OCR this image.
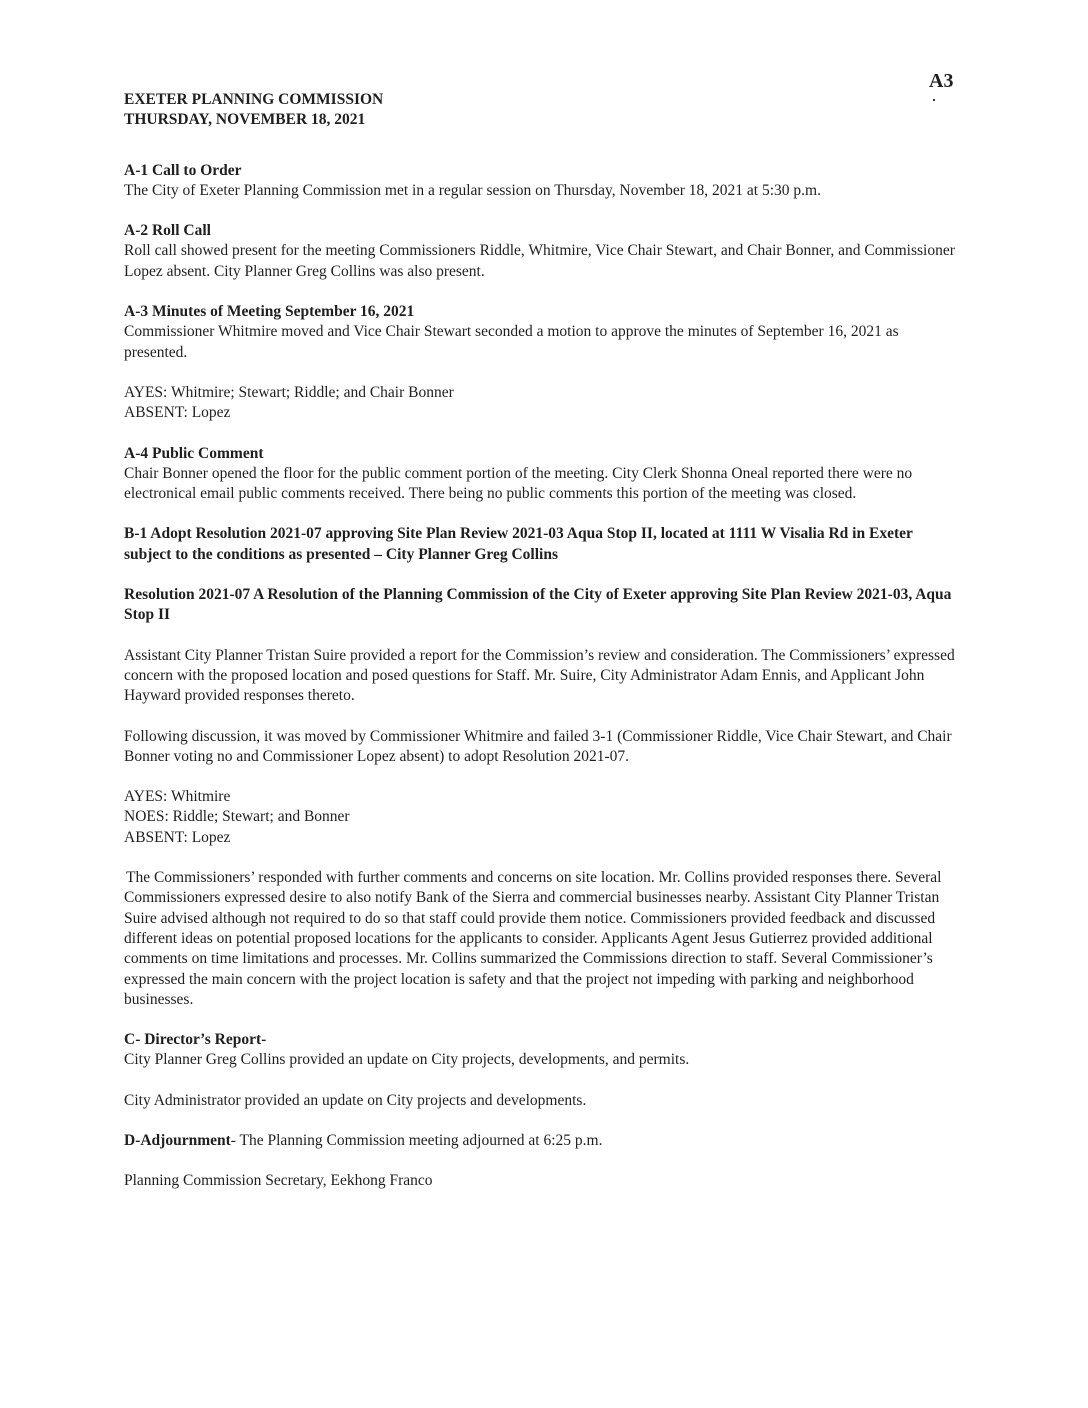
A3
EXETER PLANNING COMMISSION
THURSDAY, NOVEMBER 18, 2021
A-1 Call to Order

The City of Exeter Planning Commission met in a regular session on Thursday, November 18, 2021 at 5:30 p.m.

A-2 Roll Call

Roll call showed present for the meeting Commissioners Riddle, Whitmire, Vice Chair Stewart, and Chair Bonner, and Commissioner Lopez absent. City Planner Greg Collins was also present.

A-3 Minutes of Meeting September 16, 2021

Commissioner Whitmire moved and Vice Chair Stewart seconded a motion to approve the minutes of September 16, 2021 as presented.

AYES: Whitmire; Stewart; Riddle; and Chair Bonner

ABSENT: Lopez

A-4 Public Comment

Chair Bonner opened the floor for the public comment portion of the meeting. City Clerk Shonna Oneal reported there were no electronical email public comments received. There being no public comments this portion of the meeting was closed.

B-1 Adopt Resolution 2021-07 approving Site Plan Review 2021-03 Aqua Stop II, located at 1111 W Visalia Rd in Exeter subject to the conditions as presented – City Planner Greg Collins
Resolution 2021-07 A Resolution of the Planning Commission of the City of Exeter approving Site Plan Review 2021-03, Aqua Stop II

Assistant City Planner Tristan Suire provided a report for the Commission’s review and consideration. The Commissioners’ expressed concern with the proposed location and posed questions for Staff. Mr. Suire, City Administrator Adam Ennis, and Applicant John Hayward provided responses thereto.

Following discussion, it was moved by Commissioner Whitmire and failed 3-1 (Commissioner Riddle, Vice Chair Stewart, and Chair Bonner voting no and Commissioner Lopez absent) to adopt Resolution 2021-07.

AYES: Whitmire

NOES: Riddle; Stewart; and Bonner

ABSENT: Lopez

The Commissioners’ responded with further comments and concerns on site location. Mr. Collins provided responses there. Several Commissioners expressed desire to also notify Bank of the Sierra and commercial businesses nearby. Assistant City Planner Tristan Suire advised although not required to do so that staff could provide them notice. Commissioners provided feedback and discussed different ideas on potential proposed locations for the applicants to consider. Applicants Agent Jesus Gutierrez provided additional comments on time limitations and processes. Mr. Collins summarized the Commissions direction to staff. Several Commissioner’s expressed the main concern with the project location is safety and that the project not impeding with parking and neighborhood businesses.

C- Director’s Report-

City Planner Greg Collins provided an update on City projects, developments, and permits.

City Administrator provided an update on City projects and developments.

D-Adjournment- The Planning Commission meeting adjourned at 6:25 p.m.

Planning Commission Secretary, Eekhong Franco
